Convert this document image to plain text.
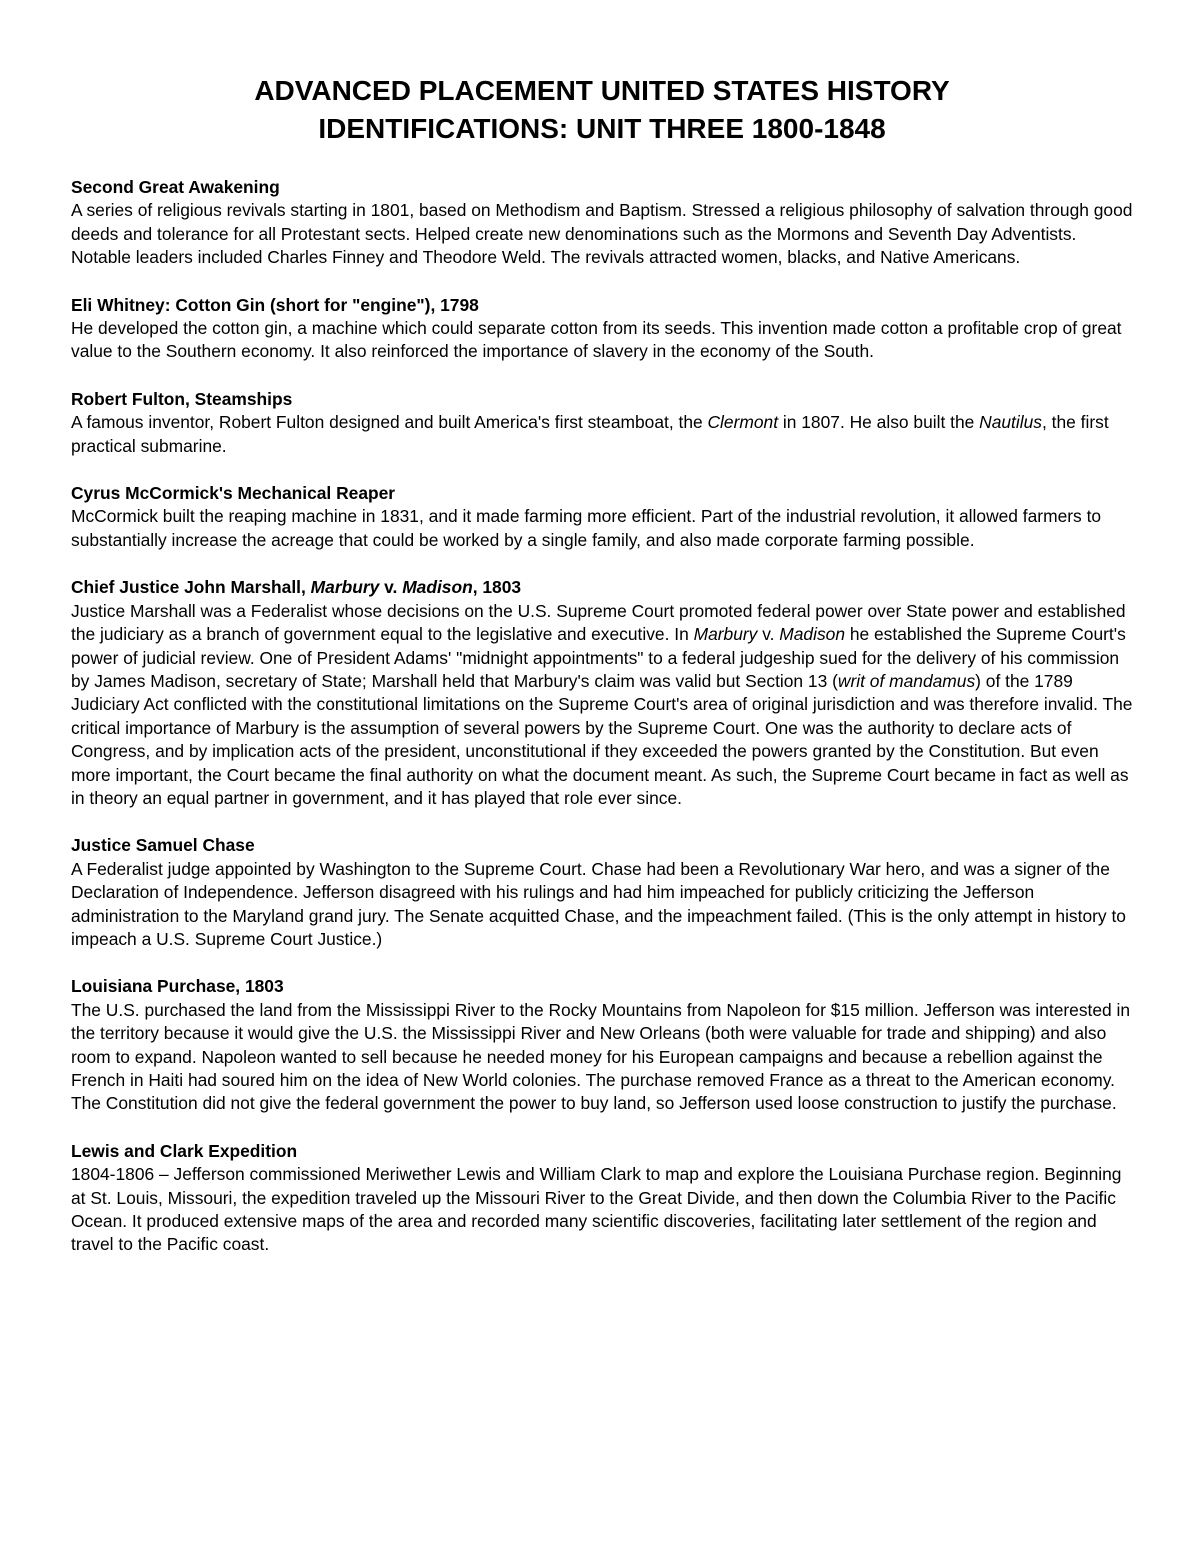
ADVANCED PLACEMENT UNITED STATES HISTORY
IDENTIFICATIONS: UNIT THREE 1800-1848

Second Great Awakening

A series of religious revivals starting in 1801, based on Methodism and Baptism. Stressed a religious philosophy of salvation through good deeds and tolerance for all Protestant sects. Helped create new denominations such as the Mormons and Seventh Day Adventists. Notable leaders included Charles Finney and Theodore Weld. The revivals attracted women, blacks, and Native Americans.

Eli Whitney: Cotton Gin (short for "engine"), 1798

He developed the cotton gin, a machine which could separate cotton from its seeds. This invention made cotton a profitable crop of great value to the Southern economy. It also reinforced the importance of slavery in the economy of the South.

Robert Fulton, Steamships

A famous inventor, Robert Fulton designed and built America's first steamboat, the Clermont in 1807. He also built the Nautilus, the first practical submarine.

Cyrus McCormick's Mechanical Reaper

McCormick built the reaping machine in 1831, and it made farming more efficient. Part of the industrial revolution, it allowed farmers to substantially increase the acreage that could be worked by a single family, and also made corporate farming possible.

Chief Justice John Marshall, Marbury v. Madison, 1803

Justice Marshall was a Federalist whose decisions on the U.S. Supreme Court promoted federal power over State power and established the judiciary as a branch of government equal to the legislative and executive. In Marbury v. Madison he established the Supreme Court's power of judicial review. One of President Adams' "midnight appointments" to a federal judgeship sued for the delivery of his commission by James Madison, secretary of State; Marshall held that Marbury's claim was valid but Section 13 (writ of mandamus) of the 1789 Judiciary Act conflicted with the constitutional limitations on the Supreme Court's area of original jurisdiction and was therefore invalid. The critical importance of Marbury is the assumption of several powers by the Supreme Court. One was the authority to declare acts of Congress, and by implication acts of the president, unconstitutional if they exceeded the powers granted by the Constitution. But even more important, the Court became the final authority on what the document meant. As such, the Supreme Court became in fact as well as in theory an equal partner in government, and it has played that role ever since.

Justice Samuel Chase

A Federalist judge appointed by Washington to the Supreme Court. Chase had been a Revolutionary War hero, and was a signer of the Declaration of Independence. Jefferson disagreed with his rulings and had him impeached for publicly criticizing the Jefferson administration to the Maryland grand jury. The Senate acquitted Chase, and the impeachment failed. (This is the only attempt in history to impeach a U.S. Supreme Court Justice.)

Louisiana Purchase, 1803

The U.S. purchased the land from the Mississippi River to the Rocky Mountains from Napoleon for $15 million. Jefferson was interested in the territory because it would give the U.S. the Mississippi River and New Orleans (both were valuable for trade and shipping) and also room to expand. Napoleon wanted to sell because he needed money for his European campaigns and because a rebellion against the French in Haiti had soured him on the idea of New World colonies. The purchase removed France as a threat to the American economy. The Constitution did not give the federal government the power to buy land, so Jefferson used loose construction to justify the purchase.

Lewis and Clark Expedition

1804-1806 – Jefferson commissioned Meriwether Lewis and William Clark to map and explore the Louisiana Purchase region. Beginning at St. Louis, Missouri, the expedition traveled up the Missouri River to the Great Divide, and then down the Columbia River to the Pacific Ocean. It produced extensive maps of the area and recorded many scientific discoveries, facilitating later settlement of the region and travel to the Pacific coast.
